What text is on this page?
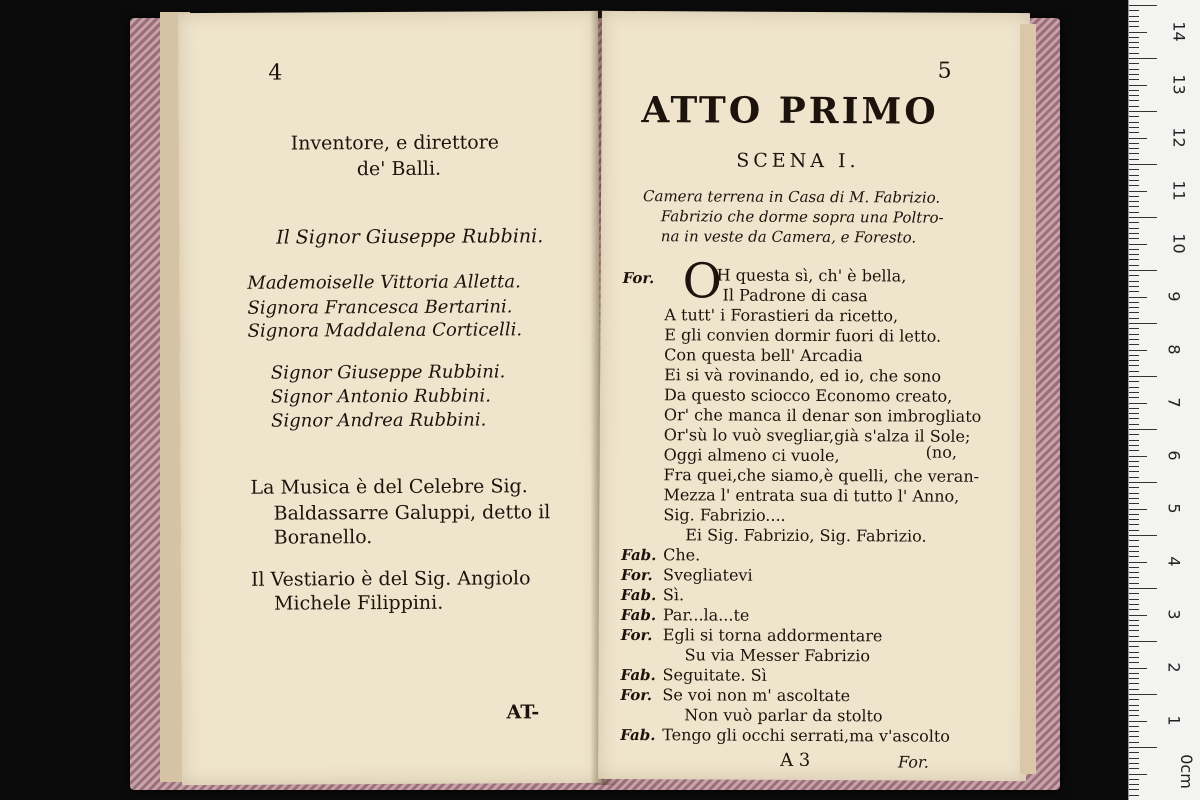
4
Inventore, e direttore
de' Balli.
Il Signor Giuseppe Rubbini.
Mademoiselle Vittoria Alletta.
Signora Francesca Bertarini.
Signora Maddalena Corticelli.
Signor Giuseppe Rubbini.
Signor Antonio Rubbini.
Signor Andrea Rubbini.
La Musica è del Celebre Sig.
Baldassarre Galuppi, detto il
Boranello.
Il Vestiario è del Sig. Angiolo
Michele Filippini.
AT-
5
ATTO PRIMO
SCENA I.
Camera terrena in Casa di M. Fabrizio.
Fabrizio che dorme sopra una Poltro-
na in veste da Camera, e Foresto.
For. O
H questa sì, ch' è bella,
Il Padrone di casa
A tutt' i Forastieri da ricetto,
E gli convien dormir fuori di letto.
Con questa bell' Arcadia
Ei si và rovinando, ed io, che sono
Da questo sciocco Economo creato,
Or' che manca il denar son imbrogliato
Or'sù lo vuò svegliar,già s'alza il Sole;
Oggi almeno ci vuole,	(no,
Fra quei,che siamo,è quelli, che veran-
Mezza l' entrata sua di tutto l' Anno,
Sig. Fabrizio....
Ei Sig. Fabrizio, Sig. Fabrizio.
Fab. Che.
For. Svegliatevi
Fab. Sì.
Fab. Par...la...te
For. Egli si torna addormentare
Su via Messer Fabrizio
Fab. Seguitate. Sì
For. Se voi non m' ascoltate
Non vuò parlar da stolto
Fab. Tengo gli occhi serrati,ma v'ascolto
A 3	For.
14
13
12
11
10
9
8
7
6
5
4
3
2
1
0cm
